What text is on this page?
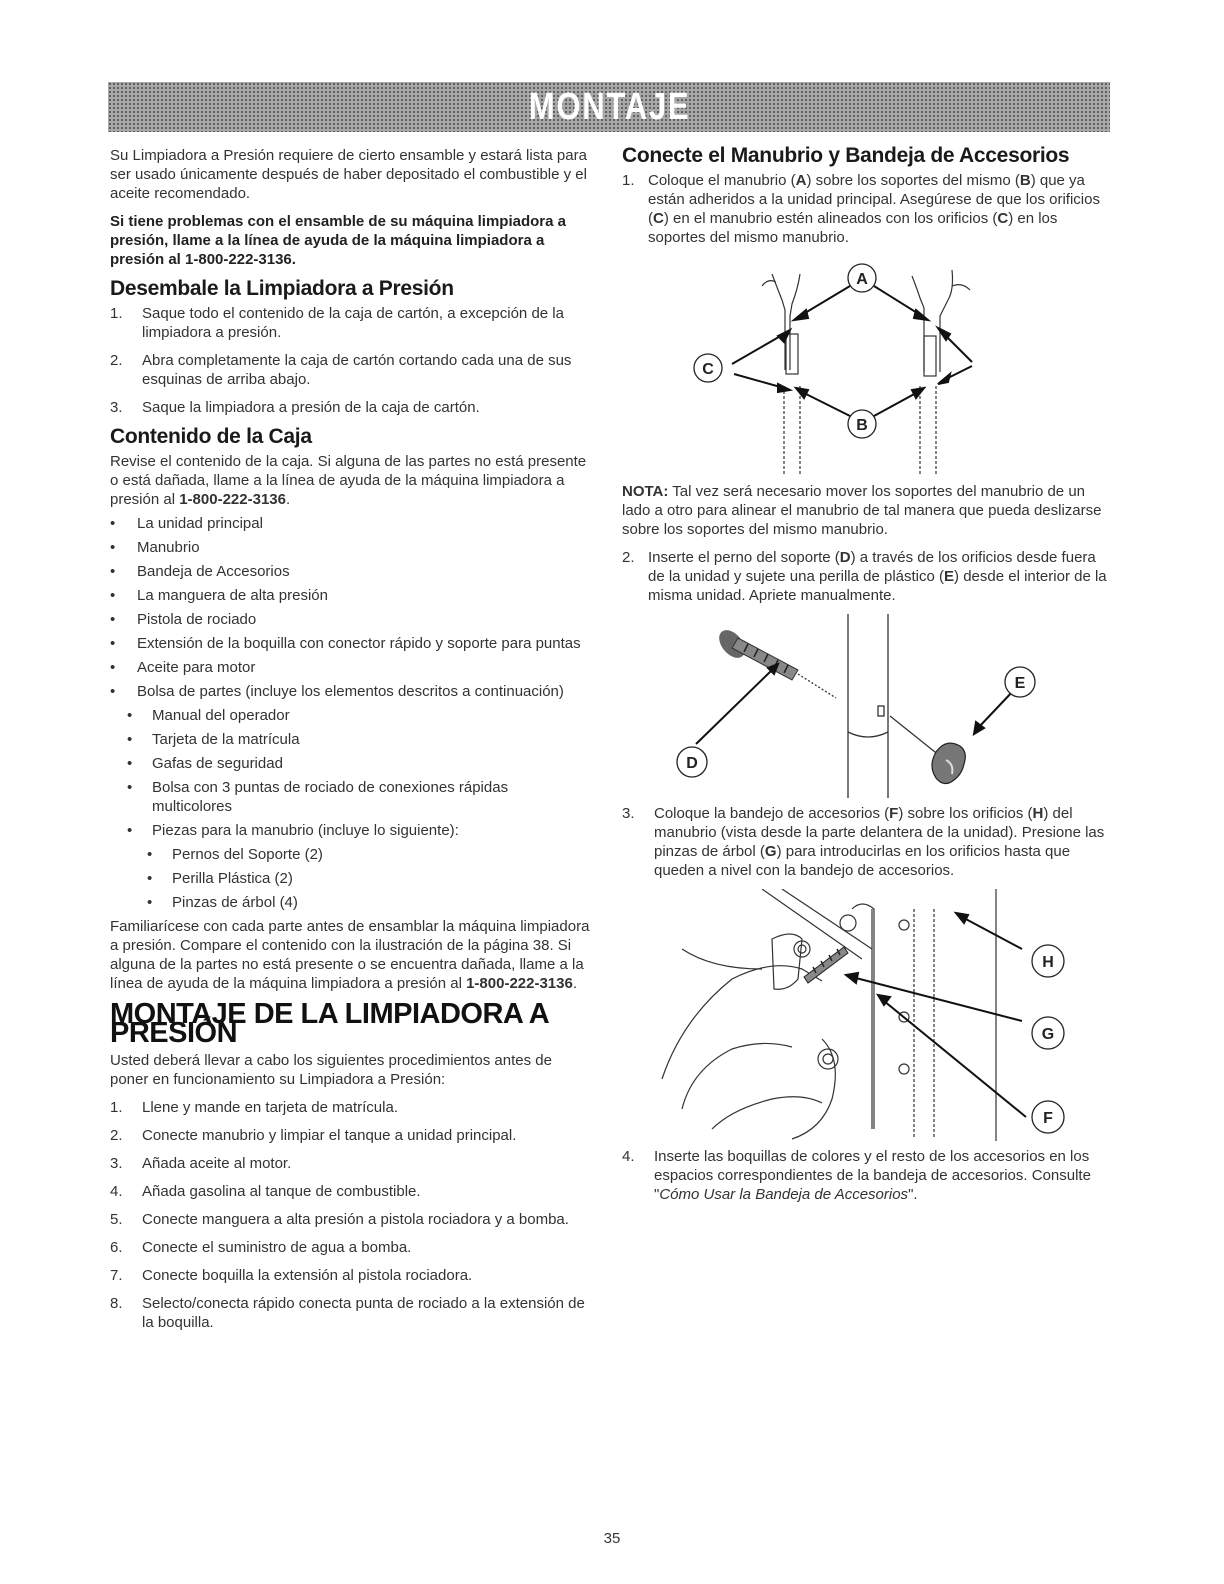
MONTAJE

Su Limpiadora a Presión requiere de cierto ensamble y estará lista para ser usado únicamente después de haber depositado el combustible y el aceite recomendado.

Si tiene problemas con el ensamble de su máquina limpiadora a presión, llame a la línea de ayuda de la máquina limpiadora a presión al 1-800-222-3136.

Desembale la Limpiadora a Presión
1. Saque todo el contenido de la caja de cartón, a excepción de la limpiadora a presión.
2. Abra completamente la caja de cartón cortando cada una de sus esquinas de arriba abajo.
3. Saque la limpiadora a presión de la caja de cartón.
Contenido de la Caja

Revise el contenido de la caja. Si alguna de las partes no está presente o está dañada, llame a la línea de ayuda de la máquina limpiadora a presión al 1-800-222-3136.

• La unidad principal
• Manubrio
• Bandeja de Accesorios
• La manguera de alta presión
• Pistola de rociado
• Extensión de la boquilla con conector rápido y soporte para puntas
• Aceite para motor
• Bolsa de partes (incluye los elementos descritos a continuación)
• Manual del operador
• Tarjeta de la matrícula
• Gafas de seguridad
• Bolsa con 3 puntas de rociado de conexiones rápidas multicolores
• Piezas para la manubrio (incluye lo siguiente):
• Pernos del Soporte (2)
• Perilla Plástica (2)
• Pinzas de árbol (4)

Familiarícese con cada parte antes de ensamblar la máquina limpiadora a presión. Compare el contenido con la ilustración de la página 38. Si alguna de la partes no está presente o se encuentra dañada, llame a la línea de ayuda de la máquina limpiadora a presión al 1-800-222-3136.

MONTAJE DE LA LIMPIADORA A PRESIÓN

Usted deberá llevar a cabo los siguientes procedimientos antes de poner en funcionamiento su Limpiadora a Presión:

1. Llene y mande en tarjeta de matrícula.
2. Conecte manubrio y limpiar el tanque a unidad principal.
3. Añada aceite al motor.
4. Añada gasolina al tanque de combustible.
5. Conecte manguera a alta presión a pistola rociadora y a bomba.
6. Conecte el suministro de agua a bomba.
7. Conecte boquilla la extensión al pistola rociadora.
8. Selecto/conecta rápido conecta punta de rociado a la extensión de la boquilla.
Conecte el Manubrio y Bandeja de Accesorios
1. Coloque el manubrio (A) sobre los soportes del mismo (B) que ya están adheridos a la unidad principal. Asegúrese de que los orificios (C) en el manubrio estén alineados con los orificios (C) en los soportes del mismo manubrio.
A
C
B

NOTA: Tal vez será necesario mover los soportes del manubrio de un lado a otro para alinear el manubrio de tal manera que pueda deslizarse sobre los soportes del mismo manubrio.

2. Inserte el perno del soporte (D) a través de los orificios desde fuera de la unidad y sujete una perilla de plástico (E) desde el interior de la misma unidad. Apriete manualmente.
D
E
3. Coloque la bandejo de accesorios (F) sobre los orificios (H) del manubrio (vista desde la parte delantera de la unidad). Presione las pinzas de árbol (G) para introducirlas en los orificios hasta que queden a nivel con la bandejo de accesorios.
H
G
F
4. Inserte las boquillas de colores y el resto de los accesorios en los espacios correspondientes de la bandeja de accesorios. Consulte "Cómo Usar la Bandeja de Accesorios".
35
